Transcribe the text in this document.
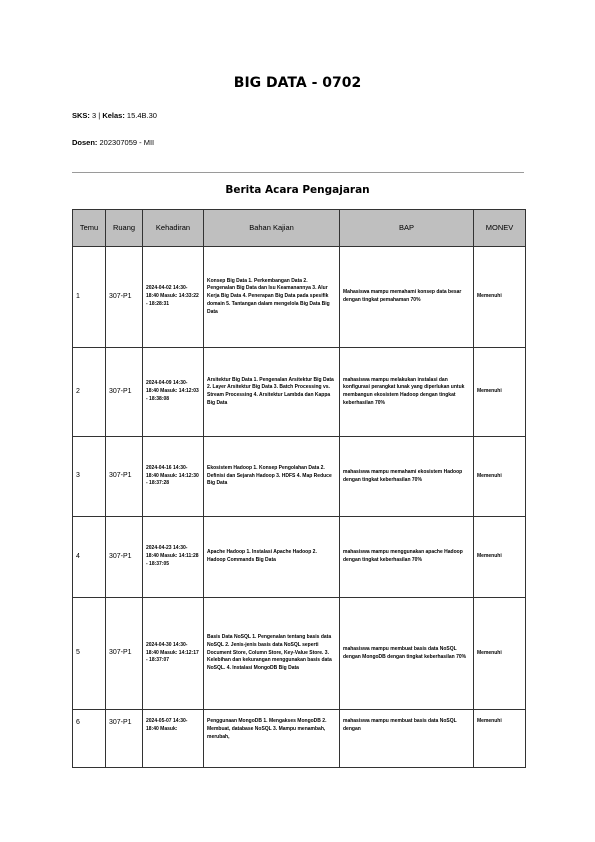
BIG DATA - 0702
SKS: 3 | Kelas: 15.4B.30
Dosen: 202307059 - MII
Berita Acara Pengajaran
Temu	Ruang	Kehadiran	Bahan Kajian	BAP	MONEV
1	307-P1	2024-04-02 14:30-18:40 Masuk: 14:33:22 - 18:28:31	Konsep Big Data 1. Perkembangan Data 2. Pengenalan Big Data dan Isu Keamanannya 3. Alur Kerja Big Data 4. Penerapan Big Data pada spesifik domain 5. Tantangan dalam mengelola Big Data Big Data	Mahasiswa mampu memahami konsep data besar dengan tingkat pemahaman 70%	Memenuhi
2	307-P1	2024-04-09 14:30-18:40 Masuk: 14:12:03 - 18:38:08	Arsitektur Big Data 1. Pengenalan Arsitektur Big Data 2. Layer Arsitektur Big Data 3. Batch Processing vs. Stream Processing 4. Arsitektur Lambda dan Kappa Big Data	mahasiswa mampu melakukan instalasi dan konfigurasi perangkat lunak yang diperlukan untuk membangun ekosistem Hadoop dengan tingkat keberhasilan 70%	Memenuhi
3	307-P1	2024-04-16 14:30-18:40 Masuk: 14:12:30 - 18:37:28	Ekosistem Hadoop 1. Konsep Pengolahan Data 2. Definisi dan Sejarah Hadoop 3. HDFS 4. Map Reduce Big Data	mahasiswa mampu memahami ekosistem Hadoop dengan tingkat keberhasilan 70%	Memenuhi
4	307-P1	2024-04-23 14:30-18:40 Masuk: 14:11:28 - 18:37:05	Apache Hadoop 1. Instalasi Apache Hadoop 2. Hadoop Commands Big Data	mahasiswa mampu menggunakan apache Hadoop dengan tingkat keberhasilan 70%	Memenuhi
5	307-P1	2024-04-30 14:30-18:40 Masuk: 14:12:17 - 18:37:07	Basis Data NoSQL 1. Pengenalan tentang basis data NoSQL 2. Jenis-jenis basis data NoSQL seperti Document Store, Column Store, Key-Value Store. 3. Kelebihan dan kekurangan menggunakan basis data NoSQL. 4. Instalasi MongoDB Big Data	mahasiswa mampu membuat basis data NoSQL dengan MongoDB dengan tingkat keberhasilan 70%	Memenuhi
6	307-P1	2024-05-07 14:30-18:40 Masuk:	Penggunaan MongoDB 1. Mengakses MongoDB 2. Membuat, database NoSQL 3. Mampu menambah, merubah,	mahasiswa mampu membuat basis data NoSQL dengan	Memenuhi
